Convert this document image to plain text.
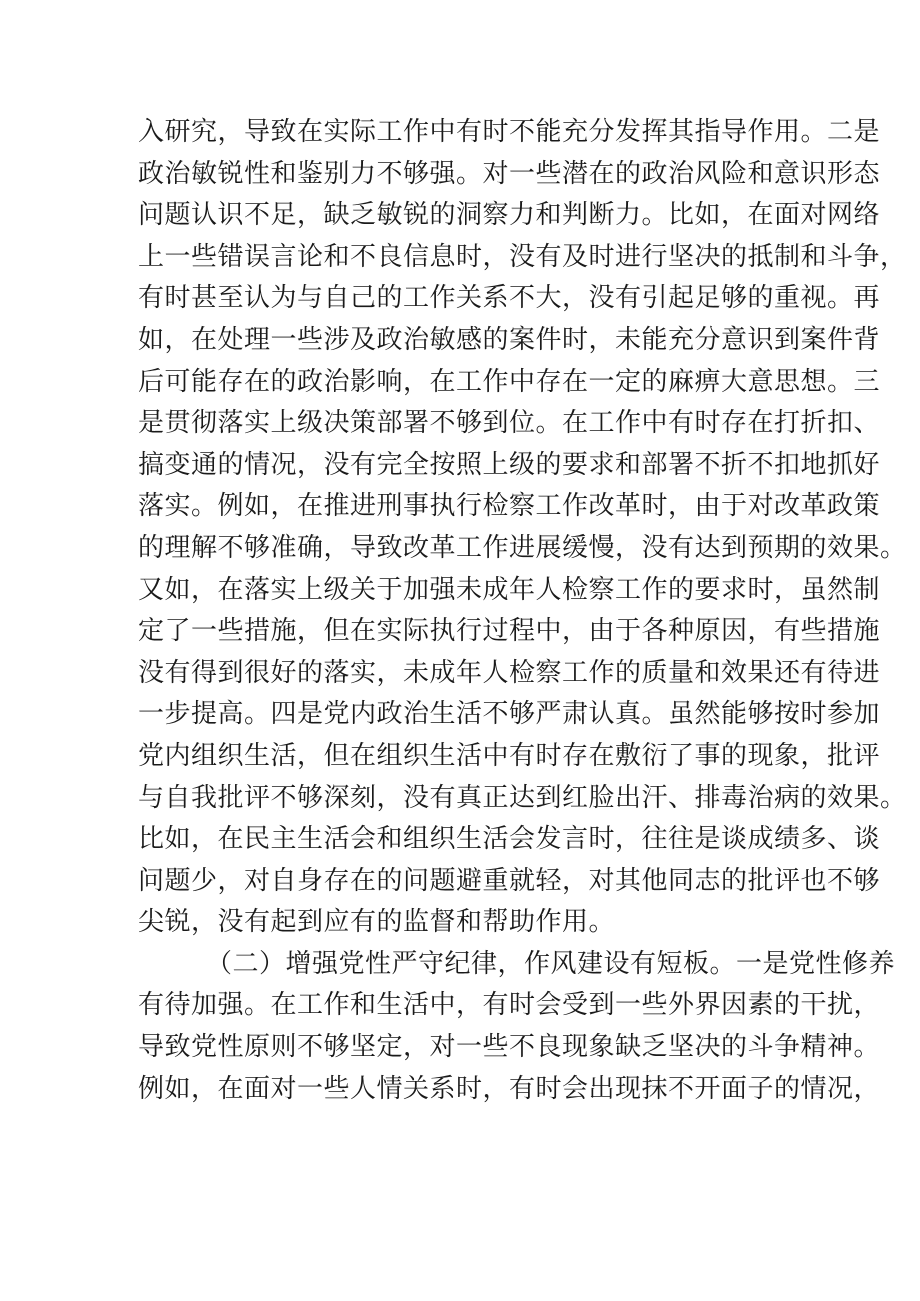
入研究，导致在实际工作中有时不能充分发挥其指导作用。二是
政治敏锐性和鉴别力不够强。对一些潜在的政治风险和意识形态
问题认识不足，缺乏敏锐的洞察力和判断力。比如，在面对网络
上一些错误言论和不良信息时，没有及时进行坚决的抵制和斗争，
有时甚至认为与自己的工作关系不大，没有引起足够的重视。再
如，在处理一些涉及政治敏感的案件时，未能充分意识到案件背
后可能存在的政治影响，在工作中存在一定的麻痹大意思想。三
是贯彻落实上级决策部署不够到位。在工作中有时存在打折扣、
搞变通的情况，没有完全按照上级的要求和部署不折不扣地抓好
落实。例如，在推进刑事执行检察工作改革时，由于对改革政策
的理解不够准确，导致改革工作进展缓慢，没有达到预期的效果。
又如，在落实上级关于加强未成年人检察工作的要求时，虽然制
定了一些措施，但在实际执行过程中，由于各种原因，有些措施
没有得到很好的落实，未成年人检察工作的质量和效果还有待进
一步提高。四是党内政治生活不够严肃认真。虽然能够按时参加
党内组织生活，但在组织生活中有时存在敷衍了事的现象，批评
与自我批评不够深刻，没有真正达到红脸出汗、排毒治病的效果。
比如，在民主生活会和组织生活会发言时，往往是谈成绩多、谈
问题少，对自身存在的问题避重就轻，对其他同志的批评也不够
尖锐，没有起到应有的监督和帮助作用。
（二）增强党性严守纪律，作风建设有短板。一是党性修养
有待加强。在工作和生活中，有时会受到一些外界因素的干扰，
导致党性原则不够坚定，对一些不良现象缺乏坚决的斗争精神。
例如，在面对一些人情关系时，有时会出现抹不开面子的情况，
